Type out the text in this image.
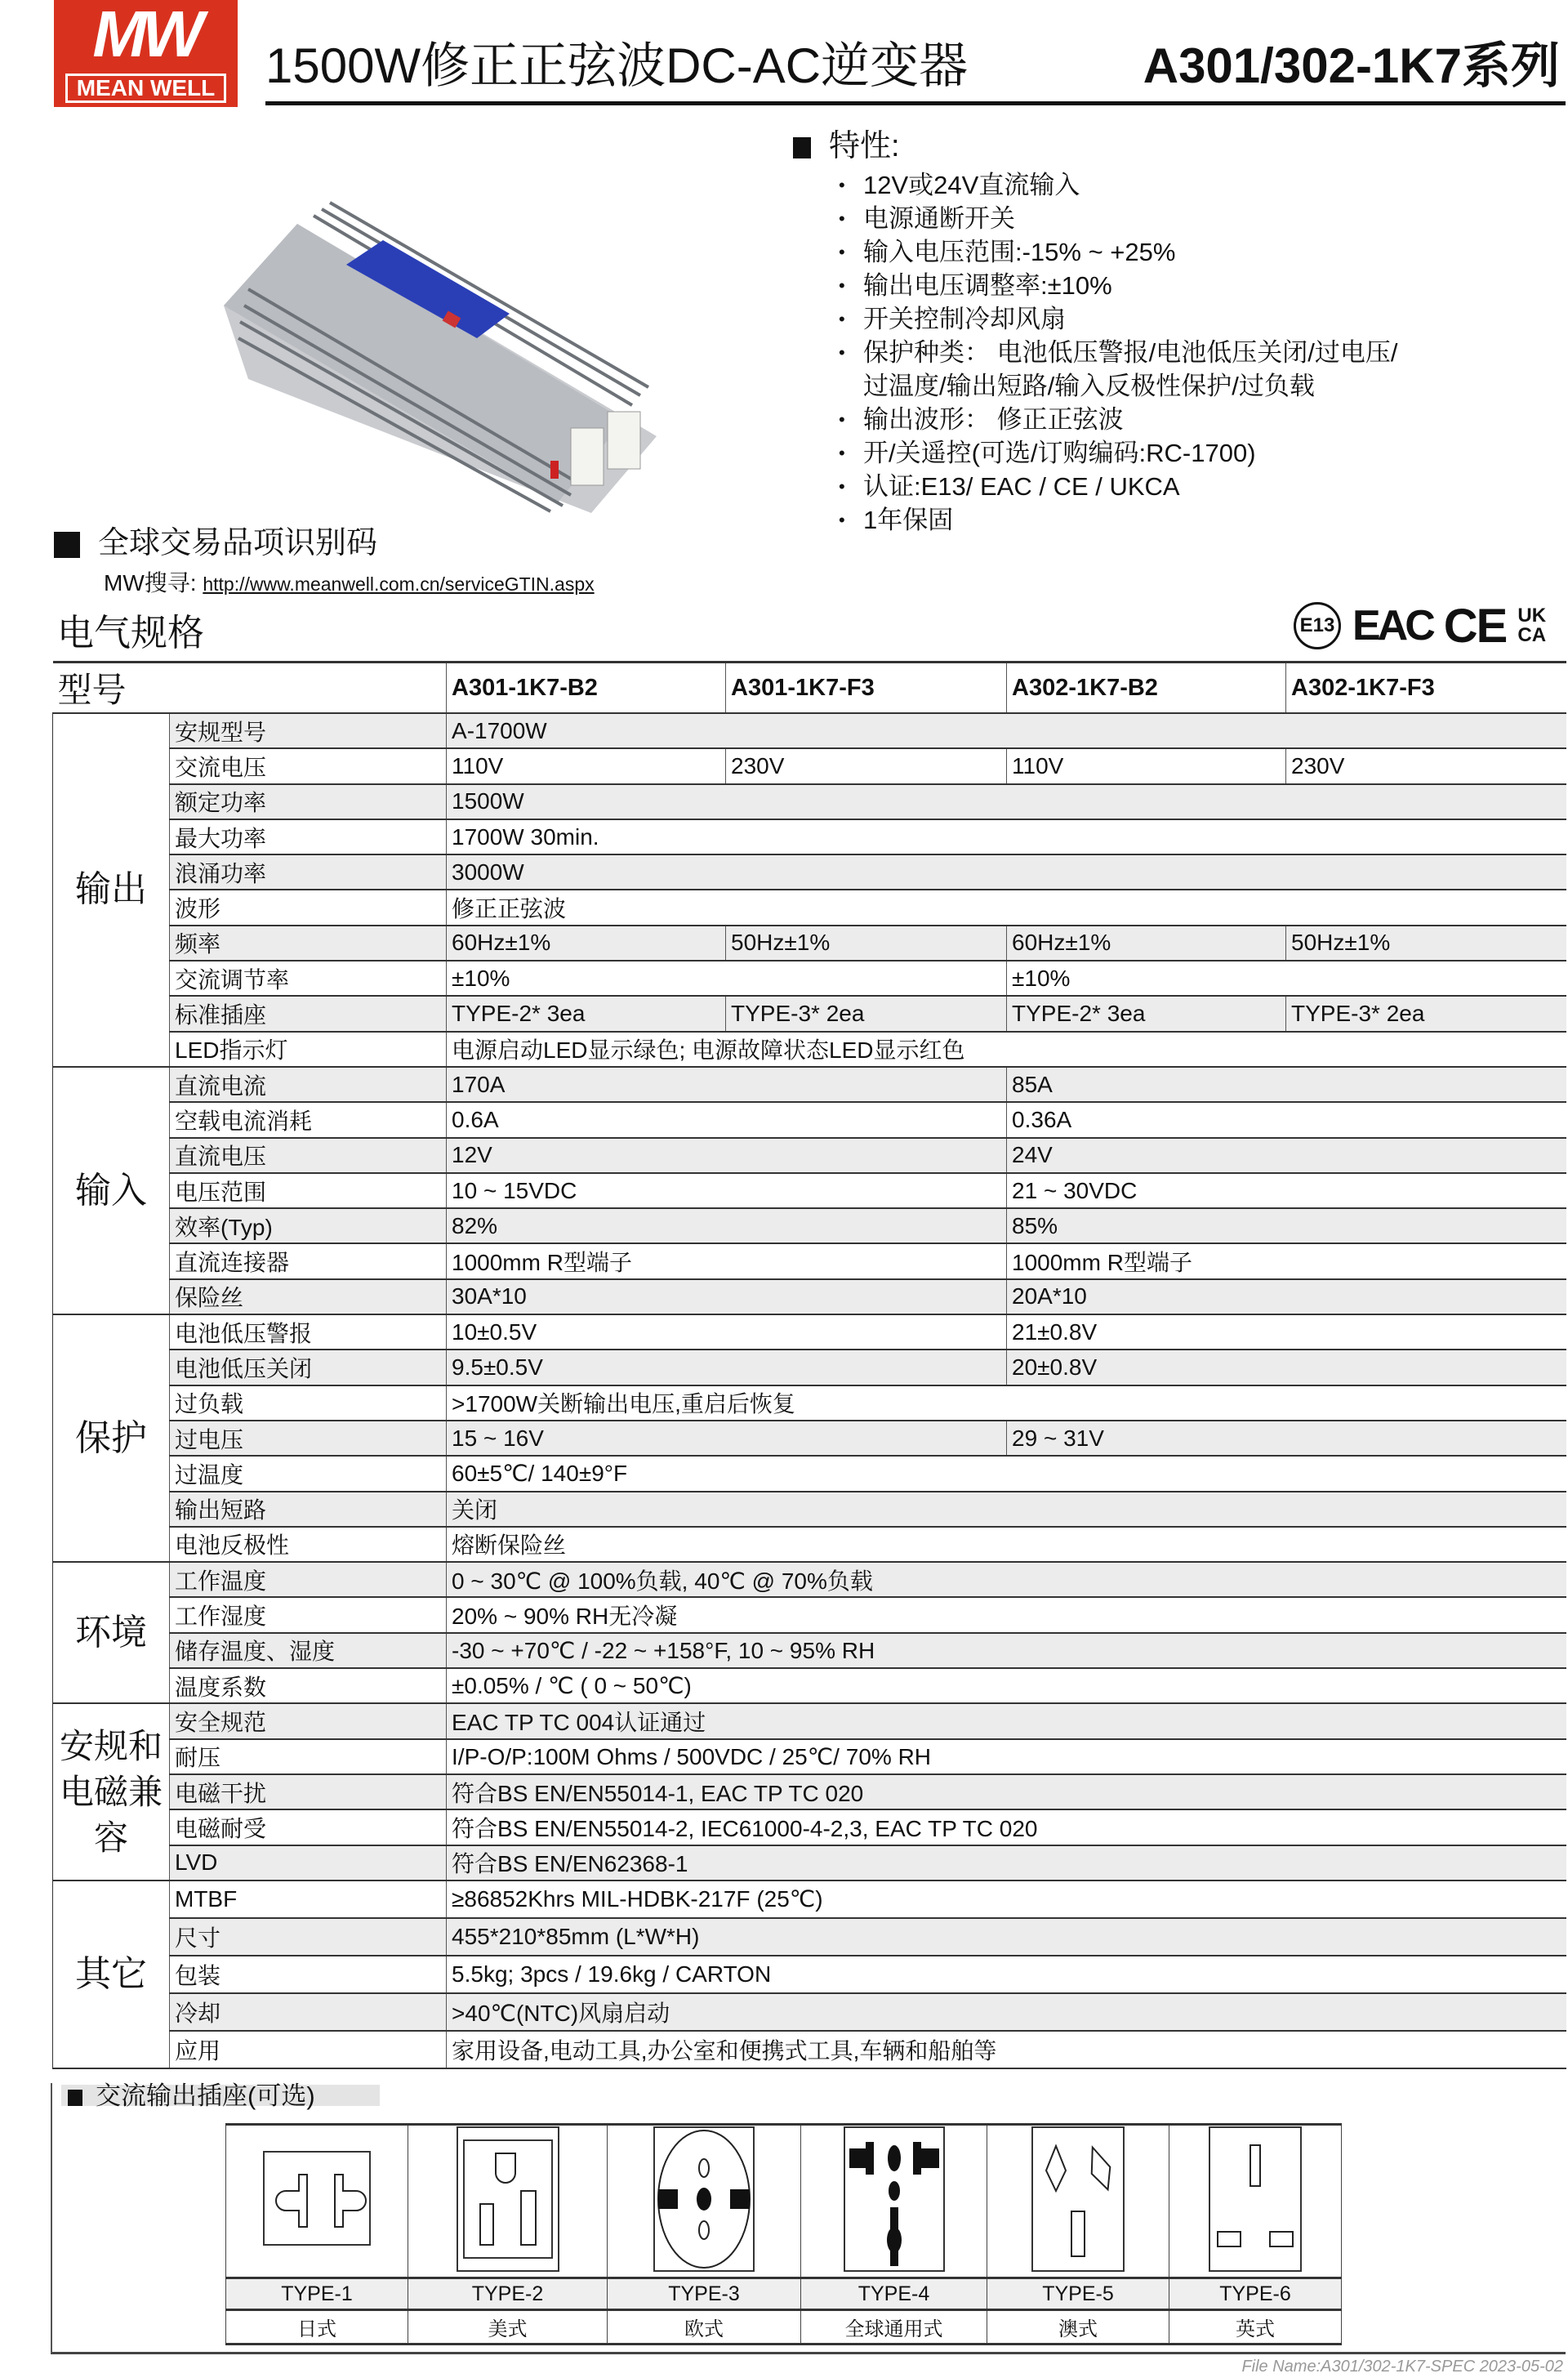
MW
MEAN WELL 1500W修正正弦波DC-AC逆变器	A301/302-1K7系列
特性:
• 12V或24V直流输入
• 电源通断开关
• 输入电压范围:-15% ~ +25%
• 输出电压调整率:±10%
• 开关控制冷却风扇
• 保护种类： 电池低压警报/电池低压关闭/过电压/
过温度/输出短路/输入反极性保护/过负载
• 输出波形： 修正正弦波
• 开/关遥控(可选/订购编码:RC-1700)
• 认证:E13/ EAC / CE / UKCA
• 1年保固
全球交易品项识别码
MW搜寻: http://www.meanwell.com.cn/serviceGTIN.aspx
电气规格	E13 EAC CE UK
CA
型号		A301-1K7-B2	A301-1K7-F3	A302-1K7-B2	A302-1K7-F3
输出	安规型号	A-1700W			
	交流电压	110V	230V	110V	230V
	额定功率	1500W			
	最大功率	1700W 30min.			
	浪涌功率	3000W			
	波形	修正正弦波			
	频率	60Hz±1%	50Hz±1%	60Hz±1%	50Hz±1%
	交流调节率	±10%		±10%	
	标准插座	TYPE-2* 3ea	TYPE-3* 2ea	TYPE-2* 3ea	TYPE-3* 2ea
	LED指示灯	电源启动LED显示绿色; 电源故障状态LED显示红色			
输入	直流电流	170A		85A	
	空载电流消耗	0.6A		0.36A	
	直流电压	12V		24V	
	电压范围	10 ~ 15VDC		21 ~ 30VDC	
	效率(Typ)	82%		85%	
	直流连接器	1000mm R型端子		1000mm R型端子	
	保险丝	30A*10		20A*10	
保护	电池低压警报	10±0.5V		21±0.8V	
	电池低压关闭	9.5±0.5V		20±0.8V	
	过负载	>1700W关断输出电压,重启后恢复			
	过电压	15 ~ 16V		29 ~ 31V	
	过温度	60±5℃/ 140±9°F			
	输出短路	关闭			
	电池反极性	熔断保险丝			
环境	工作温度	0 ~ 30℃ @ 100%负载, 40℃ @ 70%负载			
	工作湿度	20% ~ 90% RH无冷凝			
	储存温度、湿度	-30 ~ +70℃ / -22 ~ +158°F, 10 ~ 95% RH			
	温度系数	±0.05% / ℃ ( 0 ~ 50℃)			
安规和电磁兼容	安全规范	EAC TP TC 004认证通过			
	耐压	I/P-O/P:100M Ohms / 500VDC / 25℃/ 70% RH			
	电磁干扰	符合BS EN/EN55014-1, EAC TP TC 020			
	电磁耐受	符合BS EN/EN55014-2, IEC61000-4-2,3, EAC TP TC 020			
	LVD	符合BS EN/EN62368-1			
其它	MTBF	≥86852Khrs MIL-HDBK-217F (25℃)			
	尺寸	455*210*85mm (L*W*H)			
	包装	5.5kg; 3pcs / 19.6kg / CARTON			
	冷却	>40℃(NTC)风扇启动			
	应用	家用设备,电动工具,办公室和便携式工具,车辆和船舶等			
交流输出插座(可选)

TYPE-1	TYPE-2	TYPE-3	TYPE-4	TYPE-5	TYPE-6
日式	美式	欧式	全球通用式	澳式	英式
File Name:A301/302-1K7-SPEC 2023-05-02
